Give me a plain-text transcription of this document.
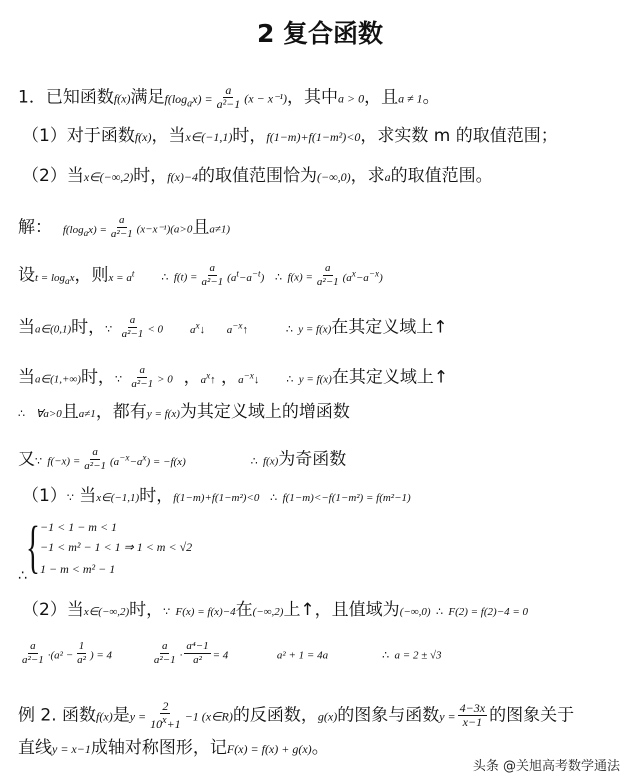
2 复合函数
1．已知函数f(x)满足$f(\log_ax) = \frac{a}{\text{a²−1}} (x - x^{-1})$，其中a > 0，且a ≠ 1。
（1）对于函数f(x)，当x∈(−1,1)时，f(1−m)+f(1−m²)<0，求实数 m 的取值范围；
（2）当x∈(−∞,2)时，f(x)−4的取值范围恰为(−∞,0)，求a的取值范围。
解： $f(\log_ax) = \frac{a}{\text{a²−1}} (x-x^{-1})(a>0$且a≠1)
设$t = \log_ax$，则$x = a^t$ ∴ $f(t) = \frac{a}{\text{a²−1}} (a^t-a^{-t})$ ∴ $f(x) = \frac{a}{\text{a²−1}} (a^x-a^{-x})$
当a∈(0,1)时，∵ $\frac{a}{\text{a²−1}} < 0$ $a^x↓$ $a^{-x}↑$	∴ y = f(x)在其定义域上↑
当a∈(1,+∞)时，∵ $\frac{a}{\text{a²−1}} > 0$  ，$a^x↑$ ，$a^{-x}↓$ ∴ y = f(x)在其定义域上↑
∴ ∀a>0且a≠1，都有y = f(x)为其定义域上的增函数
又∵ $f(-x) = \frac{a}{\text{a²−1}} (a^{-x}-a^x) = -f(x)$	∴ f(x)为奇函数
（1）∵ 当x∈(−1,1)时，f(1−m)+f(1−m²)<0 ∴ f(1−m)<−f(1−m²) = f(m²−1)
{ −1 < 1 − m < 1
−1 < m² − 1 < 1 ⇒ 1 < m < √2
1 − m < m² − 1
∴
（2）当x∈(−∞,2)时，∵ F(x) = f(x)−4在(−∞,2)上↑，且值域为(−∞,0) ∴ F(2) = f(2)−4 = 0
$\frac{a}{\text{a²−1}} \cdot(a^2 - \frac{1}{\text{a²}}$ ) = 4	$\frac{a}{\text{a²−1}} \cdot \frac{\text{a⁴−1}}{\text{a²}} = 4$	a² + 1 = 4a	∴ a = 2 ± √3
例 2. 函数f(x)是$y = \frac{2}{10^x+1} -1$ (x∈R)的反函数，g(x)的图象与函数$y = \frac{4-3x}{x-1}$ 的图象关于
直线y = x−1成轴对称图形，记F(x) = f(x) + g(x)。
头条 @关旭高考数学通法
